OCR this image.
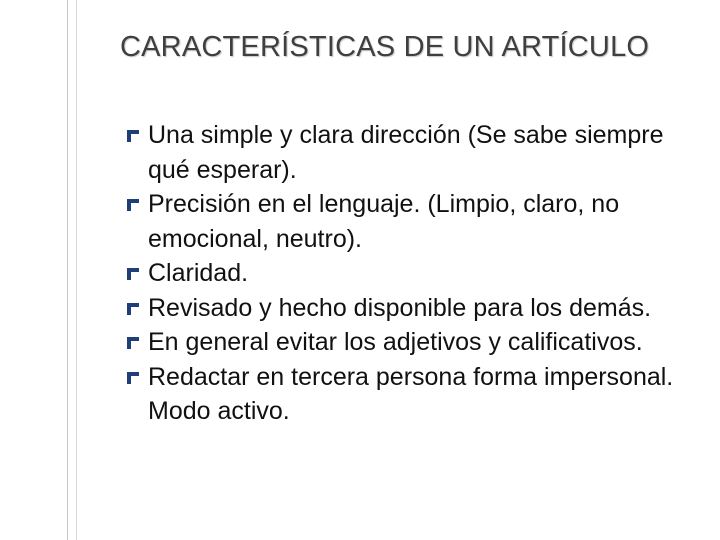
CARACTERÍSTICAS DE UN ARTÍCULO
Una simple y clara dirección (Se sabe siempre qué esperar).
Precisión en el lenguaje. (Limpio, claro, no emocional, neutro).
Claridad.
Revisado y hecho disponible para los demás.
En general evitar los adjetivos y calificativos.
Redactar en tercera persona forma impersonal. Modo activo.
